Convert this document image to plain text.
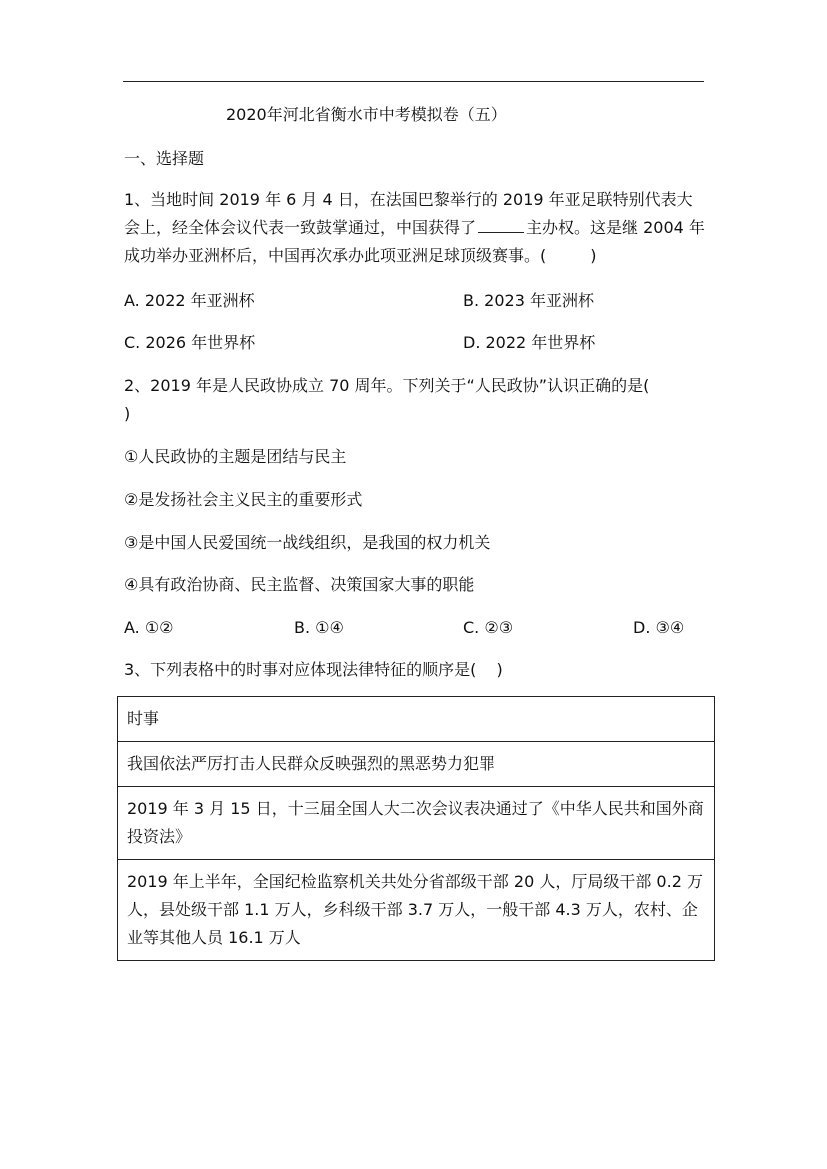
2020年河北省衡水市中考模拟卷（五）
一、选择题
1、当地时间 2019 年 6 月 4 日，在法国巴黎举行的 2019 年亚足联特别代表大会上，经全体会议代表一致鼓掌通过，中国获得了	主办权。这是继 2004 年成功举办亚洲杯后，中国再次承办此项亚洲足球顶级赛事。(	)
A. 2022 年亚洲杯	B. 2023 年亚洲杯
C. 2026 年世界杯	D. 2022 年世界杯
2、2019 年是人民政协成立 70 周年。下列关于“人民政协”认识正确的是(
)
①人民政协的主题是团结与民主
②是发扬社会主义民主的重要形式
③是中国人民爱国统一战线组织，是我国的权力机关
④具有政治协商、民主监督、决策国家大事的职能
A. ①②	B. ①④	C. ②③	D. ③④
3、下列表格中的时事对应体现法律特征的顺序是( )
时事
我国依法严厉打击人民群众反映强烈的黑恶势力犯罪
2019 年 3 月 15 日，十三届全国人大二次会议表决通过了《中华人民共和国外商投资法》
2019 年上半年，全国纪检监察机关共处分省部级干部 20 人，厅局级干部 0.2 万人，县处级干部 1.1 万人，乡科级干部 3.7 万人，一般干部 4.3 万人，农村、企业等其他人员 16.1 万人
